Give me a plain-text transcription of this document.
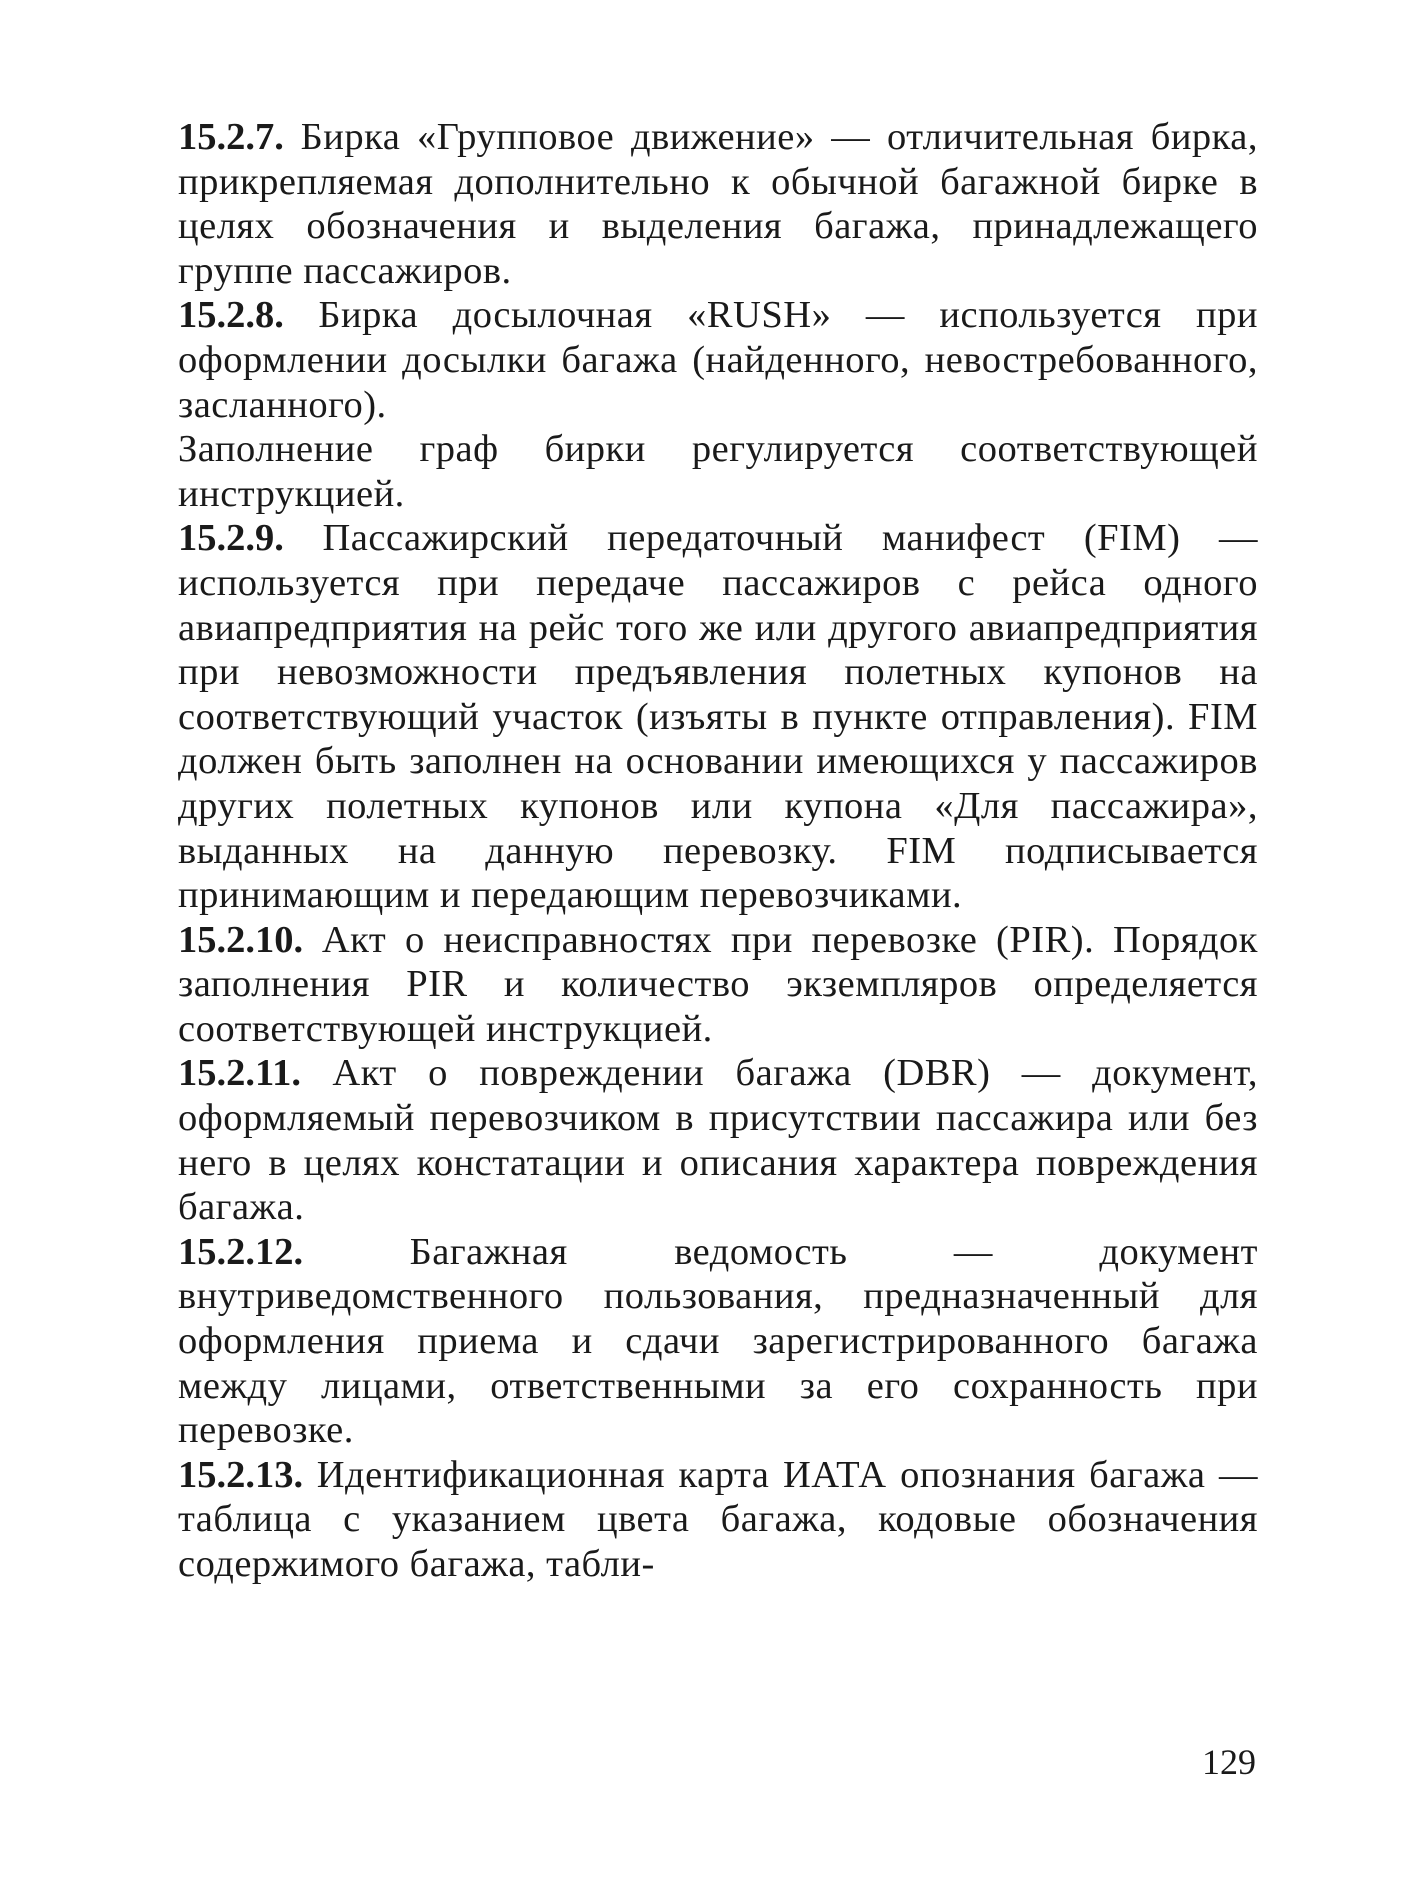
15.2.7. Бирка «Групповое движение» — отличительная бирка, прикрепляемая дополнительно к обычной багажной бирке в целях обозначения и выделения багажа, принадлежащего группе пассажиров.

15.2.8. Бирка досылочная «RUSH» — используется при оформлении досылки багажа (найденного, невостребованного, засланного).

Заполнение граф бирки регулируется соответствующей инструкцией.

15.2.9. Пассажирский передаточный манифест (FIM) — используется при передаче пассажиров с рейса одного авиапредприятия на рейс того же или другого авиапредприятия при невозможности предъявления полетных купонов на соответствующий участок (изъяты в пункте отправления). FIM должен быть заполнен на основании имеющихся у пассажиров других полетных купонов или купона «Для пассажира», выданных на данную перевозку. FIM подписывается принимающим и передающим перевозчиками.

15.2.10. Акт о неисправностях при перевозке (PIR). Порядок заполнения PIR и количество экземпляров определяется соответствующей инструкцией.

15.2.11. Акт о повреждении багажа (DBR) — документ, оформляемый перевозчиком в присутствии пассажира или без него в целях констатации и описания характера повреждения багажа.

15.2.12.	Багажная ведомость — документ внутриведомственного пользования, предназначенный для оформления приема и сдачи зарегистрированного багажа между лицами, ответственными за его сохранность при перевозке.

15.2.13. Идентификационная карта ИАТА опознания багажа — таблица с указанием цвета багажа, кодовые обозначения содержимого багажа, табли-

129
